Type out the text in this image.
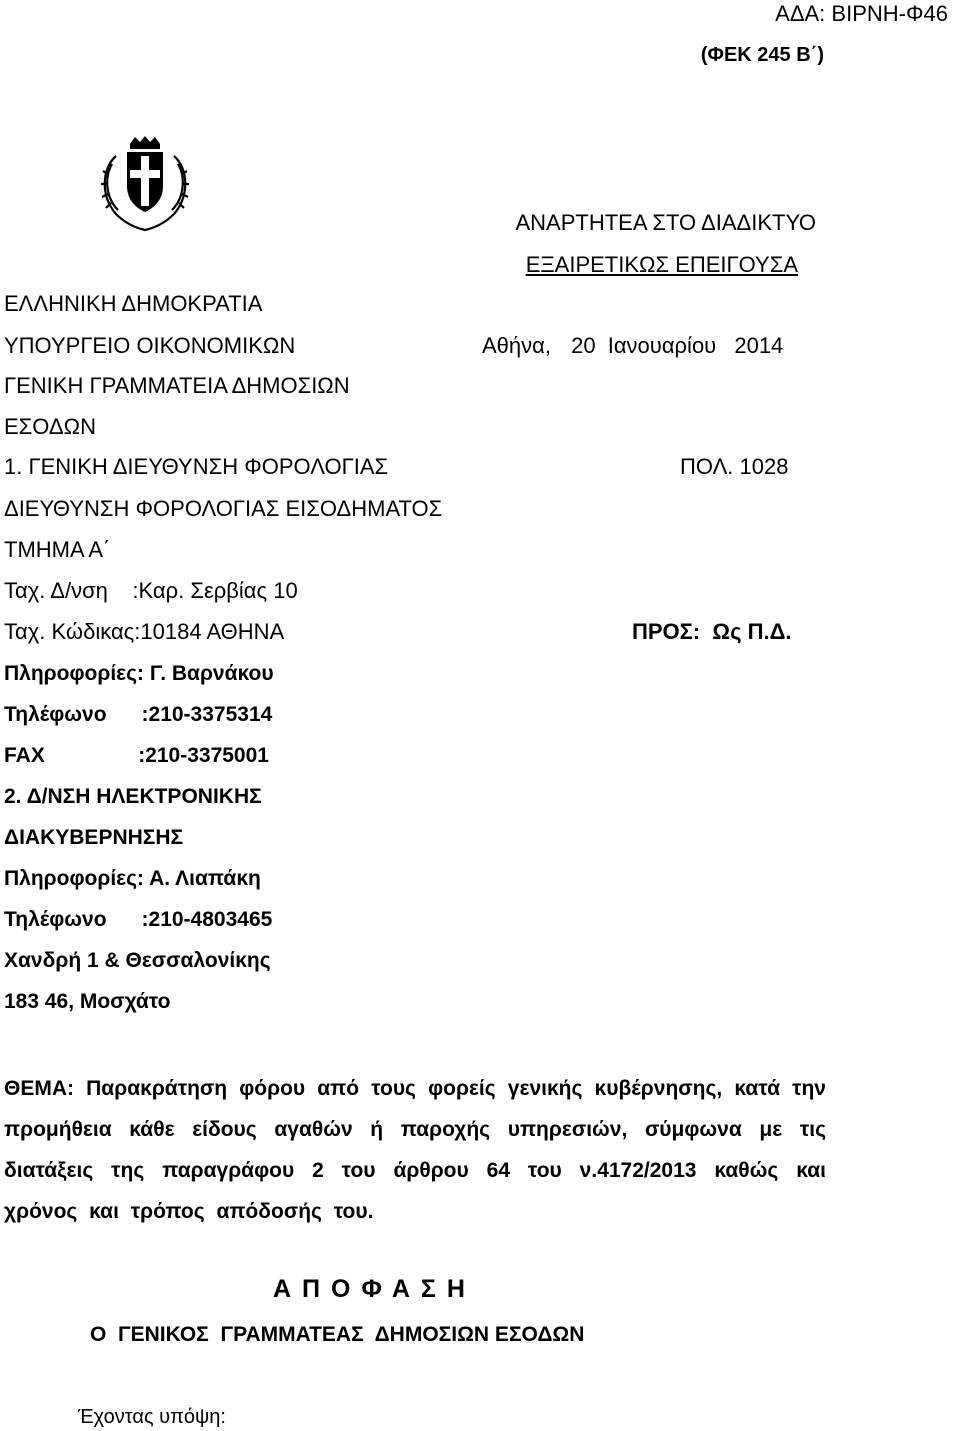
ΑΔΑ: ΒΙΡΝΗ-Φ46
(ΦΕΚ 245 Β΄)
ΑΝΑΡΤΗΤΕΑ ΣΤΟ ΔΙΑΔΙΚΤΥΟ
ΕΞΑΙΡΕΤΙΚΩΣ ΕΠΕΙΓΟΥΣΑ
ΕΛΛΗΝΙΚΗ ΔΗΜΟΚΡΑΤΙΑ
ΥΠΟΥΡΓΕΙΟ ΟΙΚΟΝΟΜΙΚΩΝ
ΓΕΝΙΚΗ ΓΡΑΜΜΑΤΕΙΑ ΔΗΜΟΣΙΩΝ
ΕΣΟΔΩΝ
1. ΓΕΝΙΚΗ ΔΙΕΥΘΥΝΣΗ ΦΟΡΟΛΟΓΙΑΣ
ΔΙΕΥΘΥΝΣΗ ΦΟΡΟΛΟΓΙΑΣ ΕΙΣΟΔΗΜΑΤΟΣ
ΤΜΗΜΑ Α΄
Ταχ. Δ/νση    :Καρ. Σερβίας 10
Ταχ. Κώδικας:10184 ΑΘΗΝΑ
Αθήνα, 20 Ιανουαρίου 2014
ΠΟΛ. 1028
ΠΡΟΣ:  Ως Π.Δ.
Πληροφορίες: Γ. Βαρνάκου
Τηλέφωνο      :210-3375314
FAX                :210-3375001
2. Δ/ΝΣΗ ΗΛΕΚΤΡΟΝΙΚΗΣ
ΔΙΑΚΥΒΕΡΝΗΣΗΣ
Πληροφορίες: Α. Λιαπάκη
Τηλέφωνο      :210-4803465
Χανδρή 1 & Θεσσαλονίκης
183 46, Μοσχάτο
ΘΕΜΑ: Παρακράτηση φόρου από τους φορείς γενικής κυβέρνησης, κατά την προμήθεια κάθε είδους αγαθών ή παροχής υπηρεσιών, σύμφωνα με τις διατάξεις της παραγράφου 2 του άρθρου 64 του ν.4172/2013 καθώς και χρόνος και τρόπος απόδοσής του.
Α Π Ο Φ Α Σ Η
Ο  ΓΕΝΙΚΟΣ  ΓΡΑΜΜΑΤΕΑΣ  ΔΗΜΟΣΙΩΝ ΕΣΟΔΩΝ
Έχοντας υπόψη:
